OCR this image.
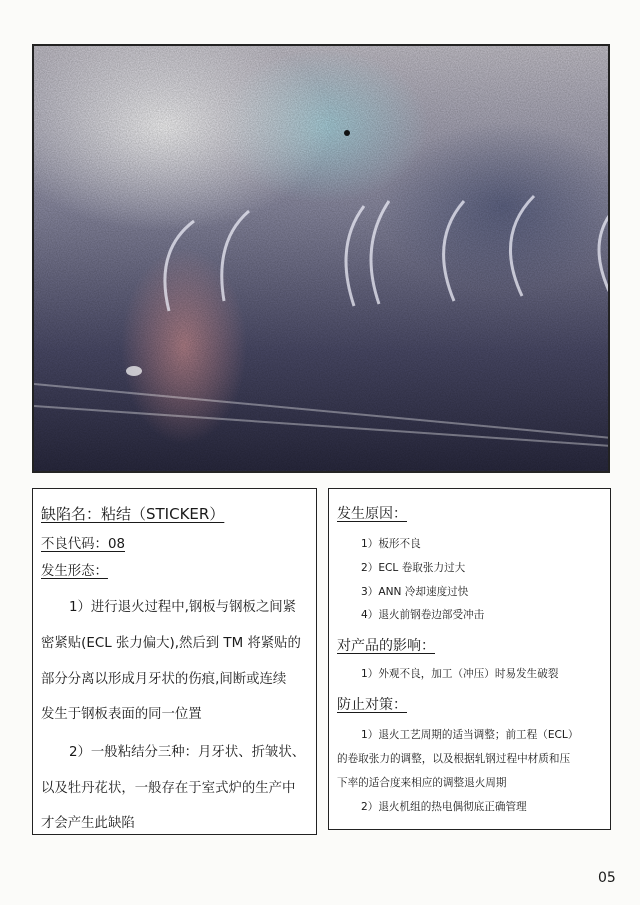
缺陷名：粘结（STICKER）
不良代码：08
发生形态：
1）进行退火过程中,钢板与钢板之间紧
密紧贴(ECL 张力偏大),然后到 TM 将紧贴的
部分分离以形成月牙状的伤痕,间断或连续
发生于钢板表面的同一位置
2）一般粘结分三种：月牙状、折皱状、
以及牡丹花状，一般存在于室式炉的生产中
才会产生此缺陷
发生原因：
1）板形不良
2）ECL 卷取张力过大
3）ANN 冷却速度过快
4）退火前钢卷边部受冲击
对产品的影响：
1）外观不良，加工（冲压）时易发生破裂
防止对策：
1）退火工艺周期的适当调整；前工程（ECL）
的卷取张力的调整，以及根据轧钢过程中材质和压
下率的适合度来相应的调整退火周期
2）退火机组的热电偶彻底正确管理
05
